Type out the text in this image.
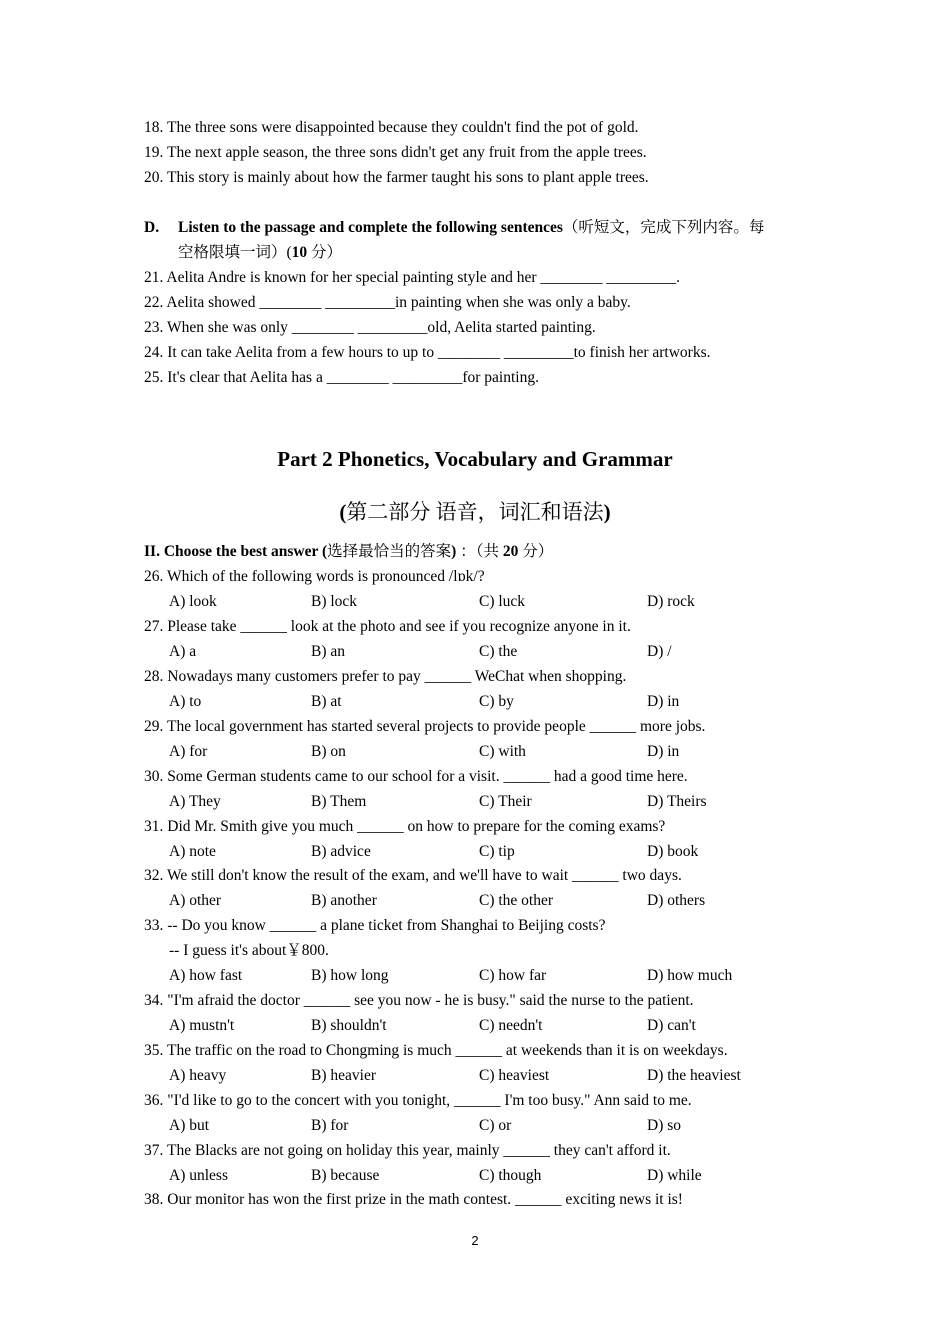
18. The three sons were disappointed because they couldn't find the pot of gold.
19. The next apple season, the three sons didn't get any fruit from the apple trees.
20. This story is mainly about how the farmer taught his sons to plant apple trees.
D. Listen to the passage and complete the following sentences（听短文，完成下列内容。每
空格限填一词）(10 分）
21. Aelita Andre is known for her special painting style and her ________ _________.
22. Aelita showed ________ _________in painting when she was only a baby.
23. When she was only ________ _________old, Aelita started painting.
24. It can take Aelita from a few hours to up to ________ _________to finish her artworks.
25. It's clear that Aelita has a ________ _________for painting.
Part 2 Phonetics, Vocabulary and Grammar
(第二部分 语音，词汇和语法)
II. Choose the best answer (选择最恰当的答案) ：（共 20 分）
26. Which of the following words is pronounced /lɒk/?
A) look	B) lock	C) luck	D) rock
27. Please take ______ look at the photo and see if you recognize anyone in it.
A) a	B) an	C) the	D) /
28. Nowadays many customers prefer to pay ______ WeChat when shopping.
A) to	B) at	C) by	D) in
29. The local government has started several projects to provide people ______ more jobs.
A) for	B) on	C) with	D) in
30. Some German students came to our school for a visit. ______ had a good time here.
A) They	B) Them	C) Their	D) Theirs
31. Did Mr. Smith give you much ______ on how to prepare for the coming exams?
A) note	B) advice	C) tip	D) book
32. We still don't know the result of the exam, and we'll have to wait ______ two days.
A) other	B) another	C) the other	D) others
33. -- Do you know ______ a plane ticket from Shanghai to Beijing costs?
-- I guess it's about￥800.
A) how fast	B) how long	C) how far	D) how much
34. "I'm afraid the doctor ______ see you now - he is busy." said the nurse to the patient.
A) mustn't	B) shouldn't	C) needn't	D) can't
35. The traffic on the road to Chongming is much ______ at weekends than it is on weekdays.
A) heavy	B) heavier	C) heaviest	D) the heaviest
36. "I'd like to go to the concert with you tonight, ______ I'm too busy." Ann said to me.
A) but	B) for	C) or	D) so
37. The Blacks are not going on holiday this year, mainly ______ they can't afford it.
A) unless	B) because	C) though	D) while
38. Our monitor has won the first prize in the math contest. ______ exciting news it is!
2
